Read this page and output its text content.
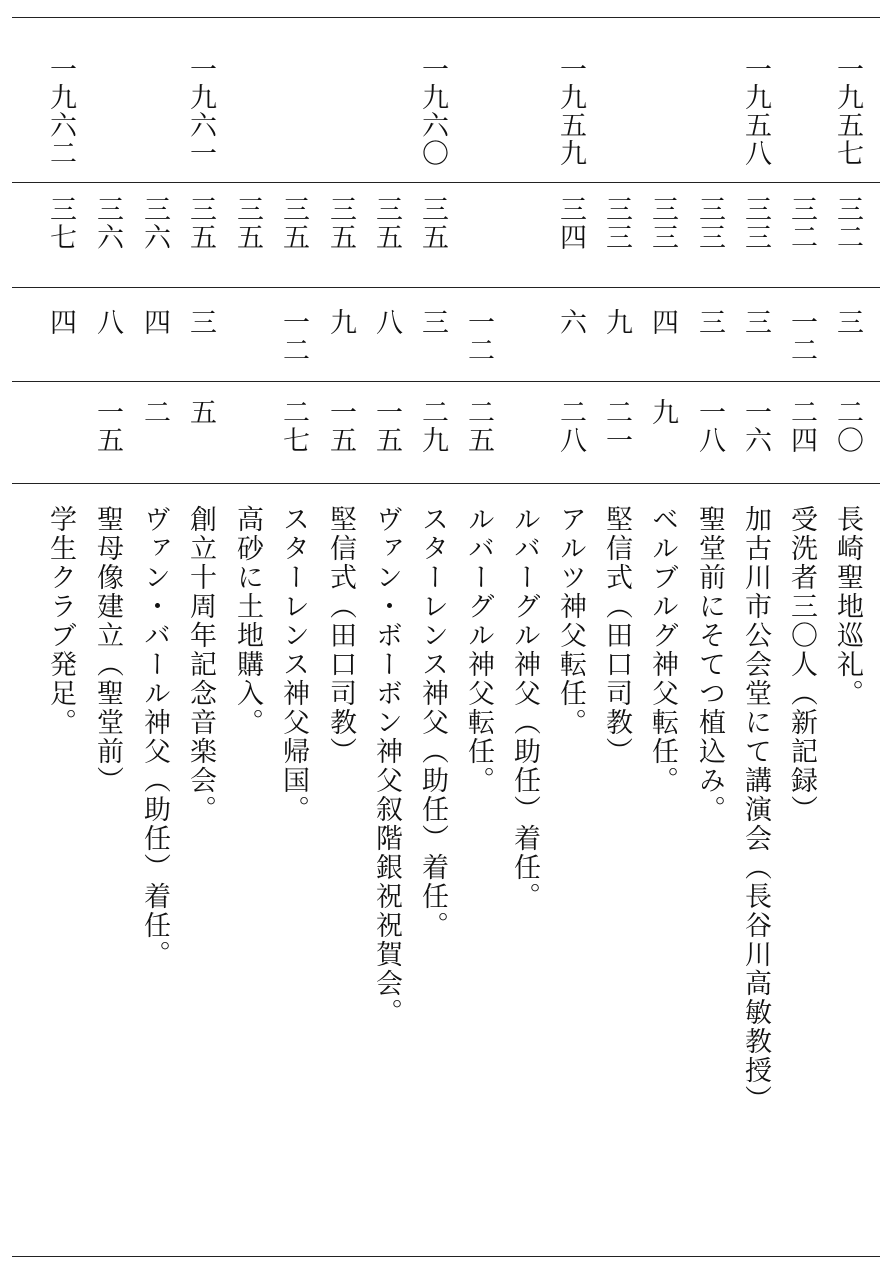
一九五七
一九五八
一九五九
一九六〇
一九六一
一九六二
三二
三二
三三
三三
三三
三三
三四
三五
三五
三五
三五
三五
三五
三六
三六
三七
三
一二
三
三
四
九
六
一二
三
八
九
一二
三
四
八
四
二〇
二四
一六
一八
九
二一
二八
二五
二九
一五
一五
二七
五
二
一五
長崎聖地巡礼。
受洗者三〇人（新記録）
加古川市公会堂にて講演会（長谷川高敏教授）
聖堂前にそてつ植込み。
ベルブルグ神父転任。
堅信式（田口司教）
アルツ神父転任。
ルバーグル神父（助任）着任。
ルバーグル神父転任。
スターレンス神父（助任）着任。
ヴァン・ボーボン神父叙階銀祝祝賀会。
堅信式（田口司教）
スターレンス神父帰国。
高砂に土地購入。
創立十周年記念音楽会。
ヴァン・バール神父（助任）着任。
聖母像建立（聖堂前）
学生クラブ発足。
